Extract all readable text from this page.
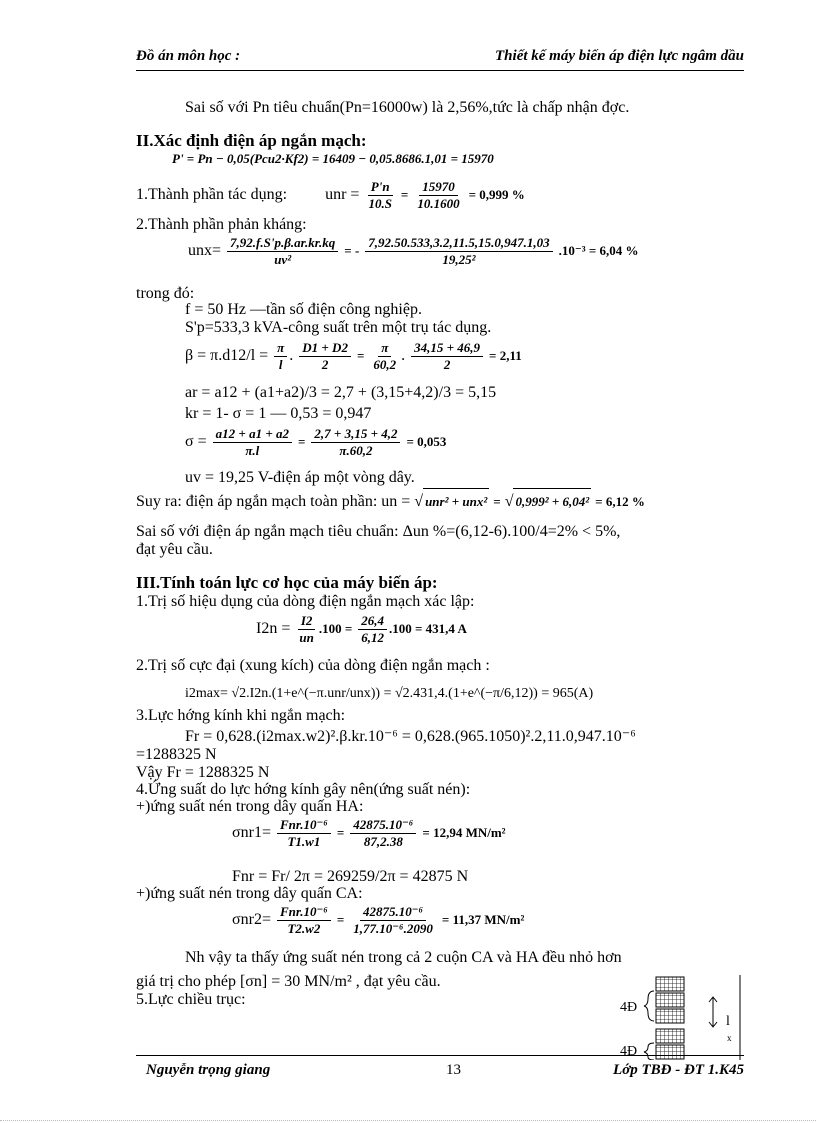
Đồ án môn học :	Thiết kế máy biến áp điện lực ngâm dầu
Sai số với Pn tiêu chuẩn(Pn=16000w) là 2,56%,tức là chấp nhận đợc.
II.Xác định điện áp ngắn mạch:
P' = Pn − 0,05(Pcu2·Kf2) = 16409 − 0,05.8686.1,01 = 15970
1.Thành phần tác dụng: unr = $\frac{P'n}{10.S} = \frac{15970}{10.1600} = 0,999$ %
2.Thành phần phản kháng:
$unx= \frac{7,92.f.S'p.\beta.ar.kr.kq}{\text{uv²}}$ = - $\frac{7,92.50.533,3.2,11.5,15.0,947.1,03}{\text{19,25²}} .10^{-3} = 6,04$ %
trong đó:
f = 50 Hz —tần số điện công nghiệp.
S'p=533,3 kVA-công suất trên một trụ tác dụng.
$\beta = \pi.d12/l = \frac{\pi}{l}$ . $\frac{D1 + D2}{2} = \frac{\pi}{60,2}$ . $\frac{34,15 + 46,9}{2} = 2,11$
ar = a12 + (a1+a2)/3 = 2,7 + (3,15+4,2)/3 = 5,15
kr = 1- σ = 1 — 0,53 = 0,947
$\sigma = \frac{a12 + a1 + a2}{\pi.l} = \frac{2,7 + 3,15 + 4,2}{\pi.60,2} = 0,053$
uv = 19,25 V-điện áp một vòng dây.
Suy ra: điện áp ngắn mạch toàn phần: un = √ unr² + unx² = √ 0,999² + 6,04² = 6,12 %
Sai số với điện áp ngắn mạch tiêu chuẩn: Δun %=(6,12-6).100/4=2% < 5%,
đạt yêu cầu.
III.Tính toán lực cơ học của máy biến áp:
1.Trị số hiệu dụng của dòng điện ngắn mạch xác lập:
$I2n = \frac{I2}{un} .100 = \frac{26,4}{6,12} .100 = 431,4$ A
2.Trị số cực đại (xung kích) của dòng điện ngắn mạch :
i2max= √2.I2n.(1+e^(−π.unr/unx)) = √2.431,4.(1+e^(−π/6,12)) = 965(A)
3.Lực hớng kính khi ngắn mạch:
Fr = 0,628.(i2max.w2)².β.kr.10⁻⁶ = 0,628.(965.1050)².2,11.0,947.10⁻⁶
=1288325 N
Vậy Fr = 1288325 N
4.Ứng suất do lực hớng kính gây nên(ứng suất nén):
+)ứng suất nén trong dây quấn HA:
$\sigma nr1= \frac{\text{Fnr.10⁻⁶}}{T1.w1} = \frac{\text{42875.10⁻⁶}}{87,2.38} = 12,94$ MN/m²
Fnr = Fr/ 2π = 269259/2π = 42875 N
+)ứng suất nén trong dây quấn CA:
$\sigma nr2= \frac{\text{Fnr.10⁻⁶}}{T2.w2} = \frac{\text{42875.10⁻⁶}}{\text{1,77.10⁻⁶.2090}} = 11,37$ MN/m²
Nh vậy ta thấy ứng suất nén trong cả 2 cuộn CA và HA đều nhỏ hơn
giá trị cho phép [σn] = 30 MN/m² , đạt yêu cầu.
5.Lực chiều trục:	4Đ
4Đ
l
x
Nguyễn trọng giang	13	Lớp TBĐ - ĐT 1.K45
